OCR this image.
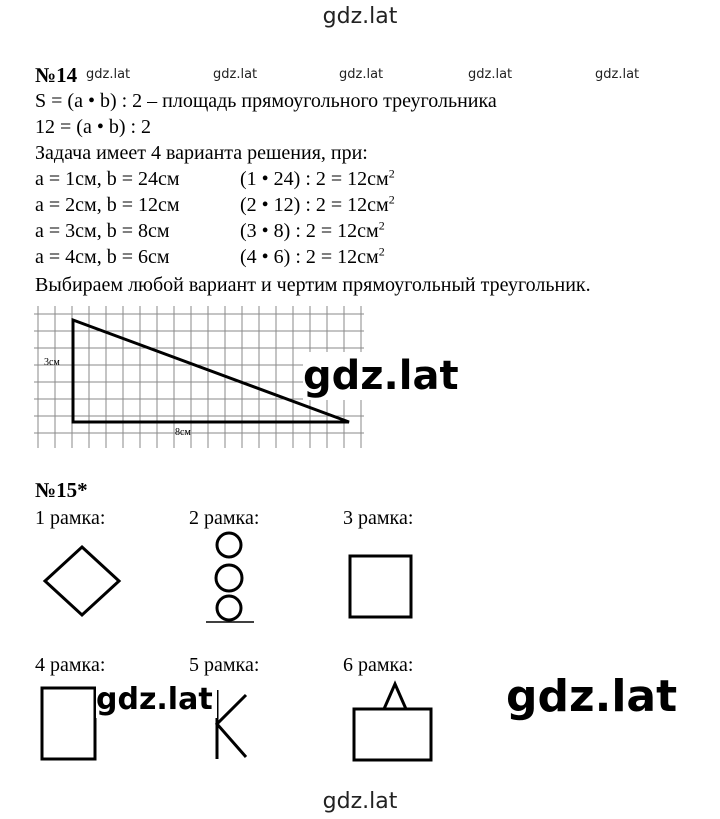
gdz.lat
gdz.lat	gdz.lat	gdz.lat	gdz.lat	gdz.lat
№14
S = (a • b) : 2 – площадь прямоугольного треугольника
12 = (a • b) : 2
Задача имеет 4 варианта решения, при:
a = 1см, b = 24см	(1 • 24) : $2 = 12см^2$
a = 2см, b = 12см	(2 • 12) : $2 = 12см^2$
a = 3см, b = 8см	(3 • 8) : $2 = 12см^2$
a = 4см, b = 6см	(4 • 6) : $2 = 12см^2$
Выбираем любой вариант и чертим прямоугольный треугольник.
3см
8см
gdz.lat
№15*
1 рамка:	2 рамка:	3 рамка:
4 рамка:	5 рамка:	6 рамка:
gdz.lat	gdz.lat
gdz.lat
